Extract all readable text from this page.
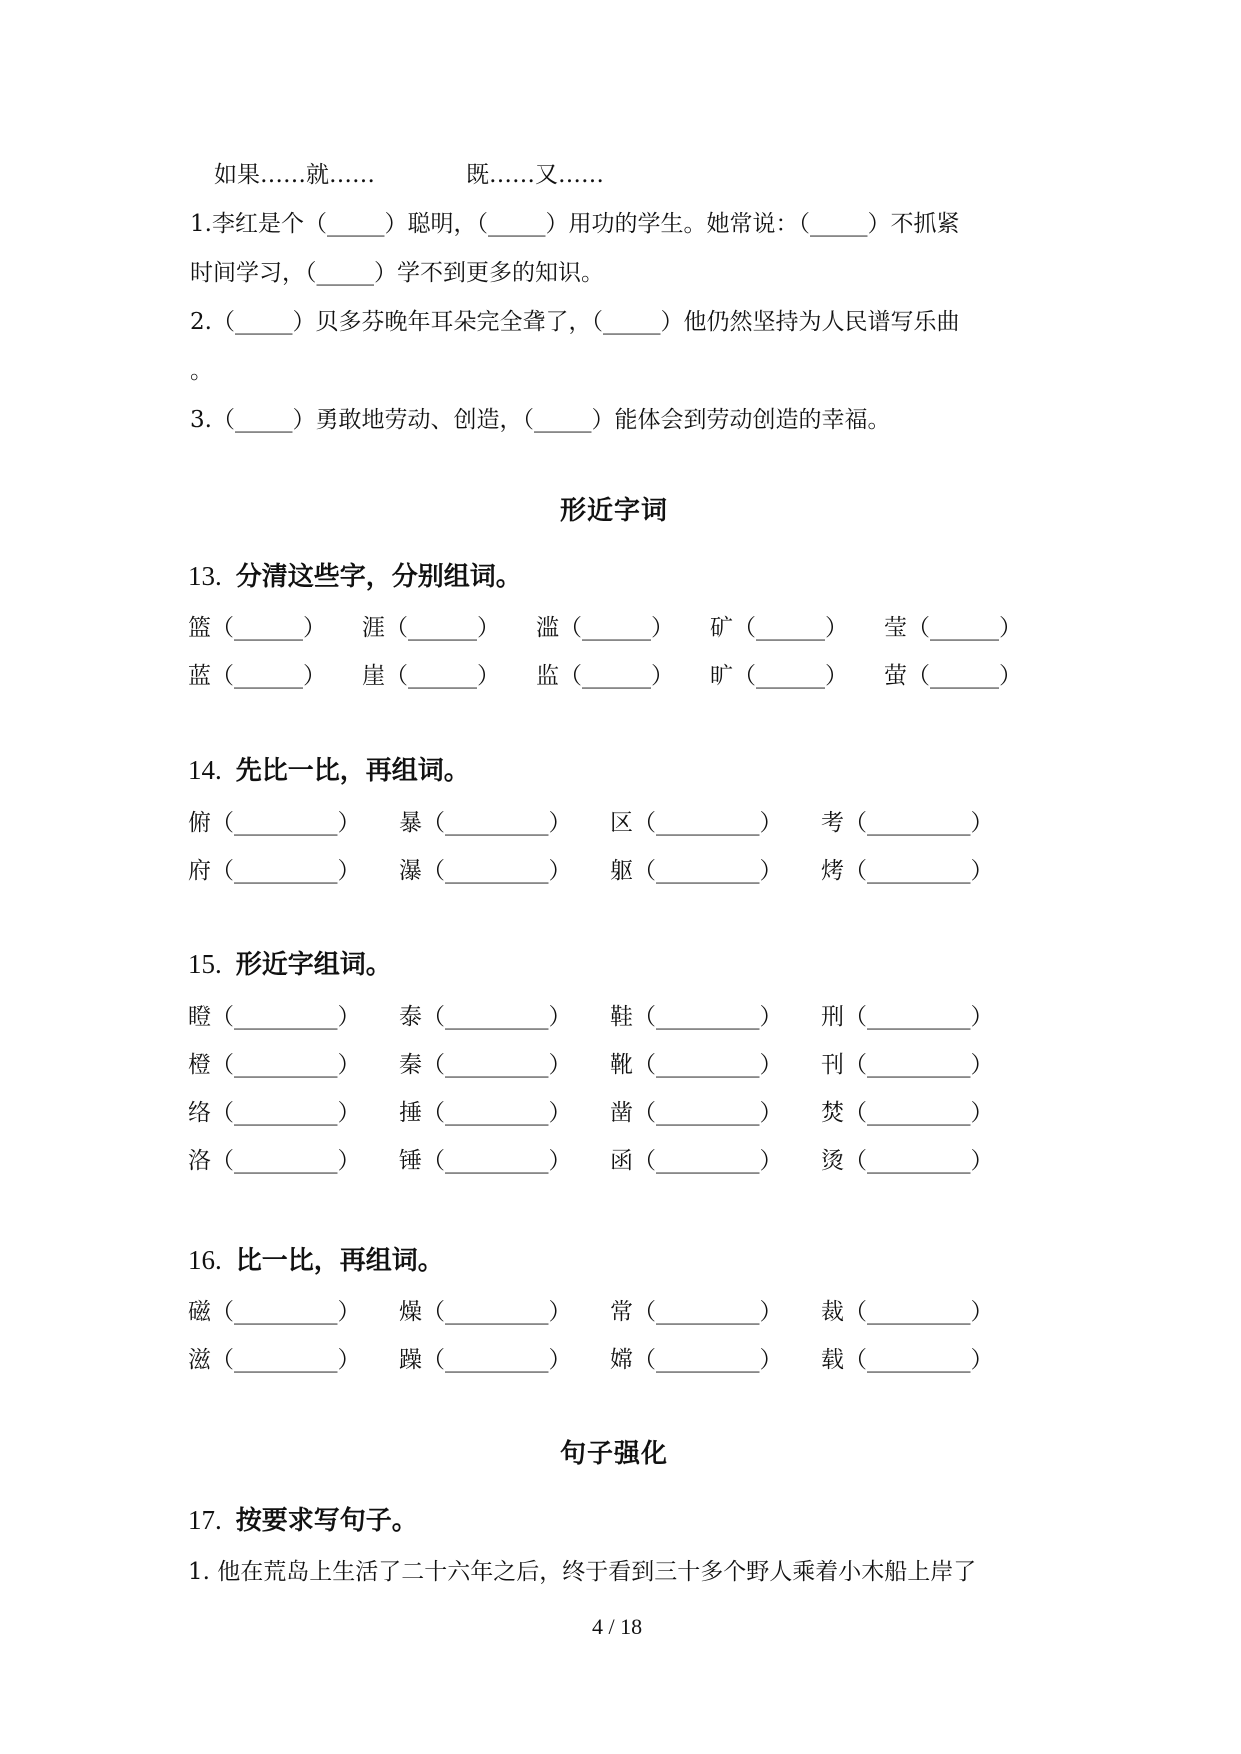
如果……就……	既……又……
1.李红是个（_____）聪明，（_____）用功的学生。她常说：（_____）不抓紧
时间学习，（_____）学不到更多的知识。
2.（_____）贝多芬晚年耳朵完全聋了，（_____）他仍然坚持为人民谱写乐曲
。
3.（_____）勇敢地劳动、创造，（_____）能体会到劳动创造的幸福。
形近字词
13. 分清这些字，分别组词。
篮（______） 涯（______） 滥（______） 矿（______） 莹（______）
蓝（______） 崖（______） 监（______） 旷（______） 萤（______）
14. 先比一比，再组词。
俯（_________） 暴（_________） 区（_________） 考（_________）
府（_________） 瀑（_________） 躯（_________） 烤（_________）
15. 形近字组词。
瞪（_________） 泰（_________） 鞋（_________） 刑（_________）
橙（_________） 秦（_________） 靴（_________） 刊（_________）
络（_________） 捶（_________） 凿（_________） 焚（_________）
洛（_________） 锤（_________） 函（_________） 烫（_________）
16. 比一比，再组词。
磁（_________） 燥（_________） 常（_________） 裁（_________）
滋（_________） 躁（_________） 嫦（_________） 载（_________）
句子强化
17. 按要求写句子。
1. 他在荒岛上生活了二十六年之后，终于看到三十多个野人乘着小木船上岸了
4 / 18
